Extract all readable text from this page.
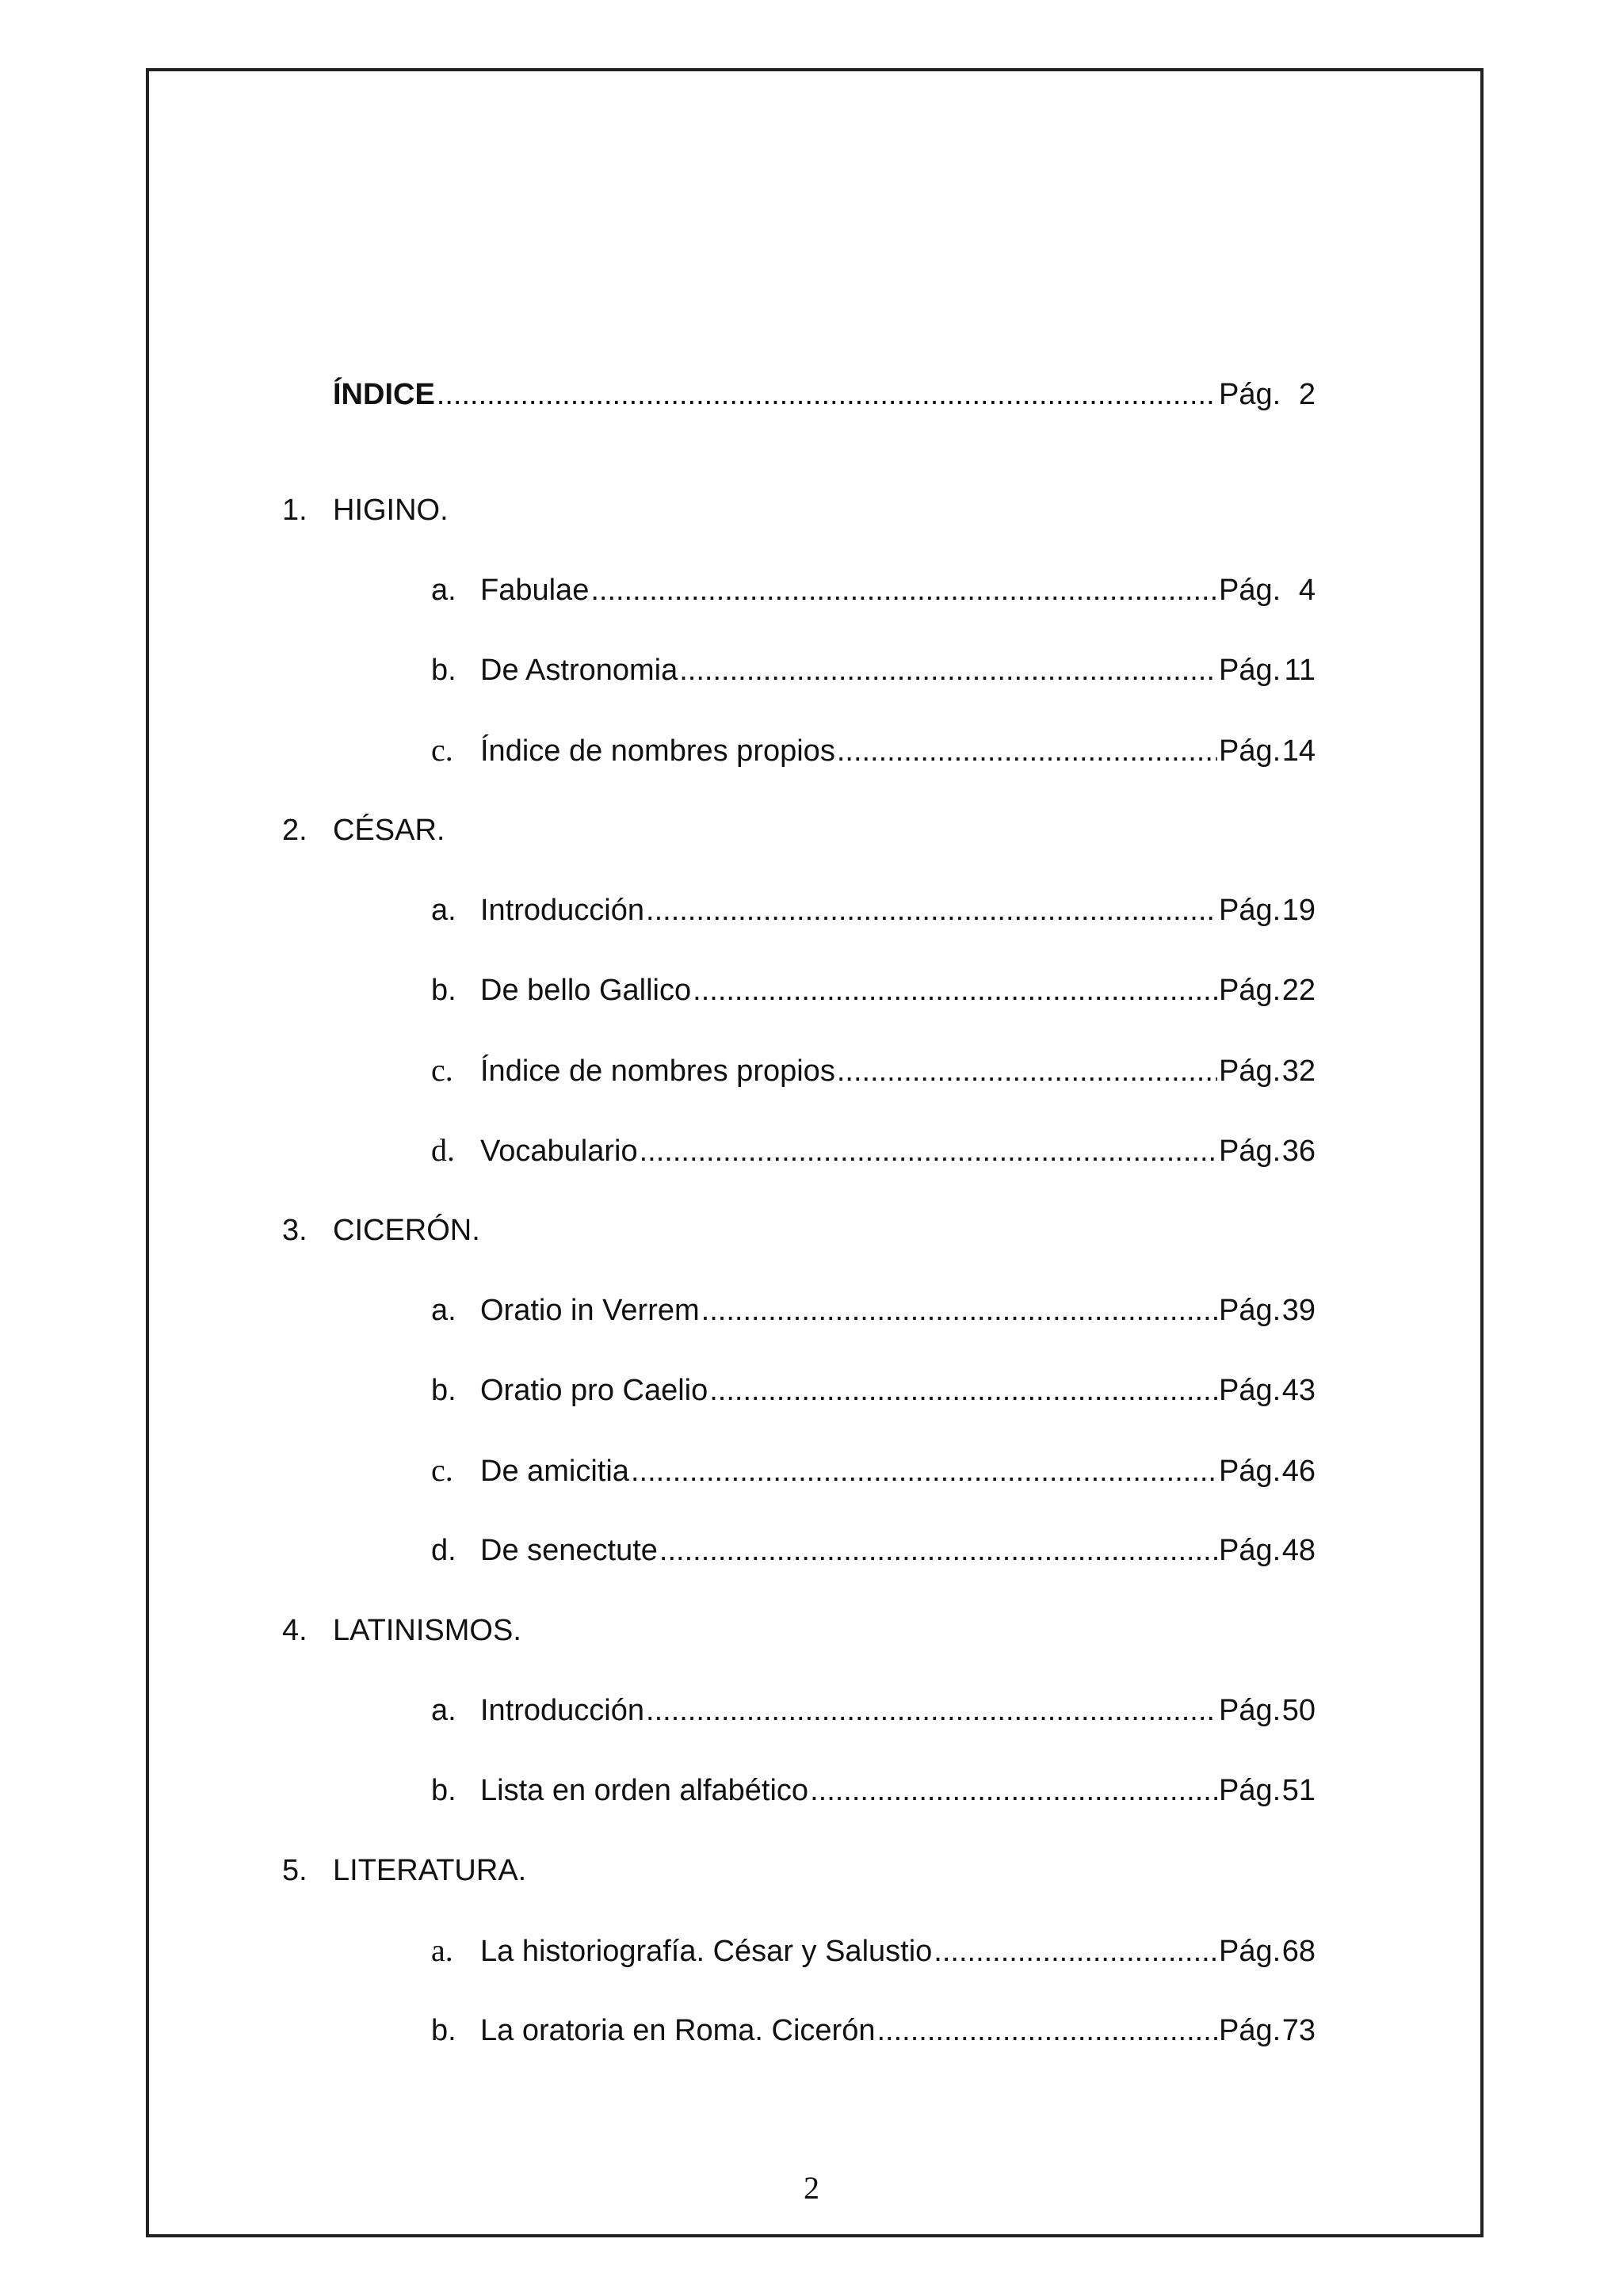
ÍNDICE .....	Pág. 2
1. HIGINO.
a. Fabulae .....	Pág. 4
b. De Astronomia .....	Pág. 11
c. Índice de nombres propios .....	Pág. 14
2. CÉSAR.
a. Introducción .....	Pág. 19
b. De bello Gallico .....	Pág. 22
c. Índice de nombres propios .....	Pág. 32
d. Vocabulario .....	Pág. 36
3. CICERÓN.
a. Oratio in Verrem .....	Pág. 39
b. Oratio pro Caelio .....	Pág. 43
c. De amicitia .....	Pág. 46
d. De senectute .....	Pág. 48
4. LATINISMOS.
a. Introducción .....	Pág. 50
b. Lista en orden alfabético .....	Pág. 51
5. LITERATURA.
a. La historiografía. César y Salustio .....	Pág. 68
b. La oratoria en Roma. Cicerón .....	Pág. 73
2
